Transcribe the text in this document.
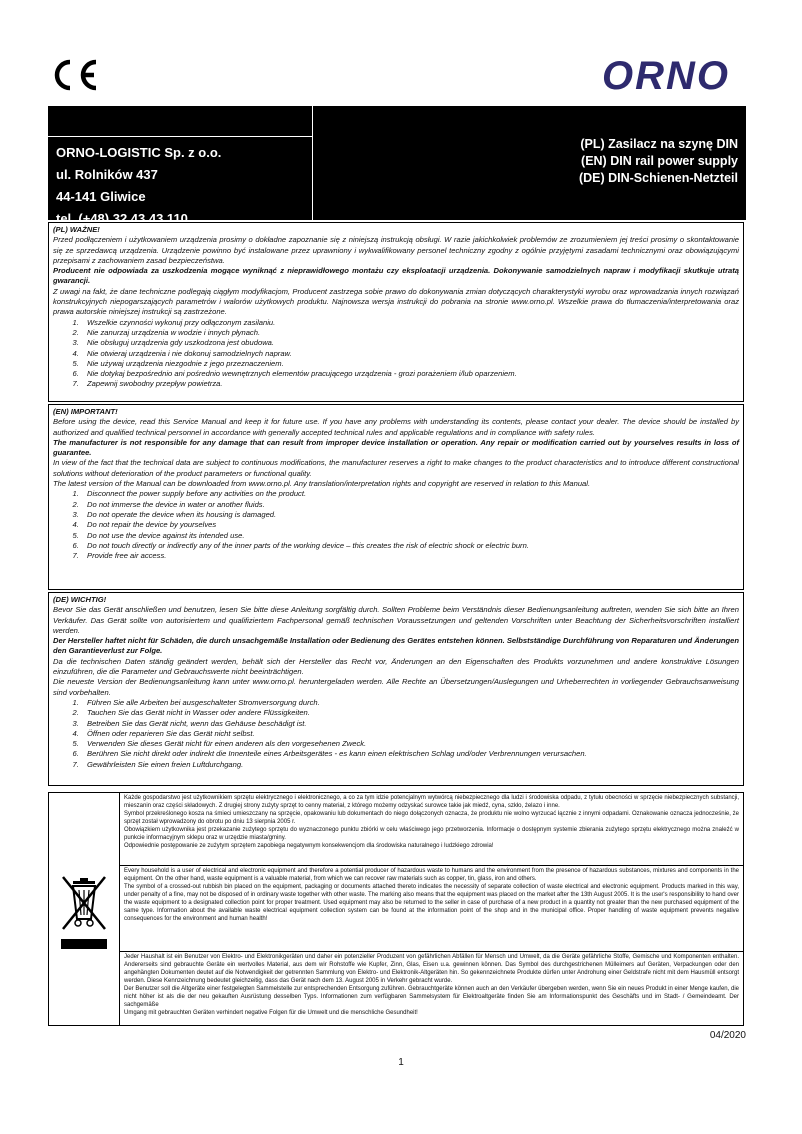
ORNO
ORNO-LOGISTIC Sp. z o.o.
ul. Rolników 437
44-141 Gliwice
tel. (+48) 32 43 43 110
(PL) Zasilacz na szynę DIN
(EN) DIN rail power supply
(DE) DIN-Schienen-Netzteil

(PL) WAŻNE!

Przed podłączeniem i użytkowaniem urządzenia prosimy o dokładne zapoznanie się z niniejszą instrukcją obsługi. W razie jakichkolwiek problemów ze zrozumieniem jej treści prosimy o skontaktowanie się ze sprzedawcą urządzenia. Urządzenie powinno być instalowane przez uprawniony i wykwalifikowany personel techniczny zgodny z ogólnie przyjętymi zasadami technicznymi oraz obowiązującymi przepisami z zachowaniem zasad bezpieczeństwa.

Producent nie odpowiada za uszkodzenia mogące wyniknąć z nieprawidłowego montażu czy eksploatacji urządzenia. Dokonywanie samodzielnych napraw i modyfikacji skutkuje utratą gwarancji.

Z uwagi na fakt, że dane techniczne podlegają ciągłym modyfikacjom, Producent zastrzega sobie prawo do dokonywania zmian dotyczących charakterystyki wyrobu oraz wprowadzania innych rozwiązań konstrukcyjnych niepogarszających parametrów i walorów użytkowych produktu. Najnowsza wersja instrukcji do pobrania na stronie www.orno.pl. Wszelkie prawa do tłumaczenia/interpretowania oraz prawa autorskie niniejszej instrukcji są zastrzeżone.

1. Wszelkie czynności wykonuj przy odłączonym zasilaniu.
2. Nie zanurzaj urządzenia w wodzie i innych płynach.
3. Nie obsługuj urządzenia gdy uszkodzona jest obudowa.
4. Nie otwieraj urządzenia i nie dokonuj samodzielnych napraw.
5. Nie używaj urządzenia niezgodnie z jego przeznaczeniem.
6. Nie dotykaj bezpośrednio ani pośrednio wewnętrznych elementów pracującego urządzenia - grozi porażeniem i/lub oparzeniem.
7. Zapewnij swobodny przepływ powietrza.

(EN) IMPORTANT!

Before using the device, read this Service Manual and keep it for future use. If you have any problems with understanding its contents, please contact your dealer. The device should be installed by authorized and qualified technical personnel in accordance with generally accepted technical rules and applicable regulations and in compliance with safety rules.

The manufacturer is not responsible for any damage that can result from improper device installation or operation. Any repair or modification carried out by yourselves results in loss of guarantee.

In view of the fact that the technical data are subject to continuous modifications, the manufacturer reserves a right to make changes to the product characteristics and to introduce different constructional solutions without deterioration of the product parameters or functional quality.

The latest version of the Manual can be downloaded from www.orno.pl. Any translation/interpretation rights and copyright are reserved in relation to this Manual.

1. Disconnect the power supply before any activities on the product.
2. Do not immerse the device in water or another fluids.
3. Do not operate the device when its housing is damaged.
4. Do not repair the device by yourselves
5. Do not use the device against its intended use.
6. Do not touch directly or indirectly any of the inner parts of the working device – this creates the risk of electric shock or electric burn.
7. Provide free air access.

(DE) WICHTIG!

Bevor Sie das Gerät anschließen und benutzen, lesen Sie bitte diese Anleitung sorgfältig durch. Sollten Probleme beim Verständnis dieser Bedienungsanleitung auftreten, wenden Sie sich bitte an Ihren Verkäufer. Das Gerät sollte von autorisiertem und qualifiziertem Fachpersonal gemäß technischen Voraussetzungen und geltenden Vorschriften unter Beachtung der Sicherheitsvorschriften installiert werden.

Der Hersteller haftet nicht für Schäden, die durch unsachgemäße Installation oder Bedienung des Gerätes entstehen können. Selbstständige Durchführung von Reparaturen und Änderungen den Garantieverlust zur Folge.

Da die technischen Daten ständig geändert werden, behält sich der Hersteller das Recht vor, Änderungen an den Eigenschaften des Produkts vorzunehmen und andere konstruktive Lösungen einzuführen, die die Parameter und Gebrauchswerte nicht beeinträchtigen.

Die neueste Version der Bedienungsanleitung kann unter www.orno.pl. heruntergeladen werden. Alle Rechte an Übersetzungen/Auslegungen und Urheberrechten in vorliegender Gebrauchsanweisung sind vorbehalten.

1. Führen Sie alle Arbeiten bei ausgeschalteter Stromversorgung durch.
2. Tauchen Sie das Gerät nicht in Wasser oder andere Flüssigkeiten.
3. Betreiben Sie das Gerät nicht, wenn das Gehäuse beschädigt ist.
4. Öffnen oder reparieren Sie das Gerät nicht selbst.
5. Verwenden Sie dieses Gerät nicht für einen anderen als den vorgesehenen Zweck.
6. Berühren Sie nicht direkt oder indirekt die Innenteile eines Arbeitsgerätes - es kann einen elektrischen Schlag und/oder Verbrennungen verursachen.
7. Gewährleisten Sie einen freien Luftdurchgang.

Każde gospodarstwo jest użytkownikiem sprzętu elektrycznego i elektronicznego, a co za tym idzie potencjalnym wytwórcą niebezpiecznego dla ludzi i środowiska odpadu, z tytułu obecności w sprzęcie niebezpiecznych substancji, mieszanin oraz części składowych. Z drugiej strony zużyty sprzęt to cenny materiał, z którego możemy odzyskać surowce takie jak miedź, cyna, szkło, żelazo i inne.

Symbol przekreślonego kosza na śmieci umieszczany na sprzęcie, opakowaniu lub dokumentach do niego dołączonych oznacza, że produktu nie wolno wyrzucać łącznie z innymi odpadami. Oznakowanie oznacza jednocześnie, że sprzęt został wprowadzony do obrotu po dniu 13 sierpnia 2005 r.

Obowiązkiem użytkownika jest przekazanie zużytego sprzętu do wyznaczonego punktu zbiórki w celu właściwego jego przetworzenia. Informacje o dostępnym systemie zbierania zużytego sprzętu elektrycznego można znaleźć w punkcie informacyjnym sklepu oraz w urzędzie miasta/gminy.

Odpowiednie postępowanie ze zużytym sprzętem zapobiega negatywnym konsekwencjom dla środowiska naturalnego i ludzkiego zdrowia!

Every household is a user of electrical and electronic equipment and therefore a potential producer of hazardous waste to humans and the environment from the presence of hazardous substances, mixtures and components in the equipment. On the other hand, waste equipment is a valuable material, from which we can recover raw materials such as copper, tin, glass, iron and others.

The symbol of a crossed-out rubbish bin placed on the equipment, packaging or documents attached thereto indicates the necessity of separate collection of waste electrical and electronic equipment. Products marked in this way, under penalty of a fine, may not be disposed of in ordinary waste together with other waste. The marking also means that the equipment was placed on the market after the 13th August 2005. It is the user's responsibility to hand over the waste equipment to a designated collection point for proper treatment. Used equipment may also be returned to the seller in case of purchase of a new product in a quantity not greater than the new purchased equipment of the same type. Information about the available waste electrical equipment collection system can be found at the information point of the shop and in the municipal office. Proper handling of waste equipment prevents negative consequences for the environment and human health!

Jeder Haushalt ist ein Benutzer von Elektro- und Elektronikgeräten und daher ein potenzieller Produzent von gefährlichen Abfällen für Mensch und Umwelt, da die Geräte gefährliche Stoffe, Gemische und Komponenten enthalten. Andererseits sind gebrauchte Geräte ein wertvolles Material, aus dem wir Rohstoffe wie Kupfer, Zinn, Glas, Eisen u.a. gewinnen können. Das Symbol des durchgestrichenen Mülleimers auf Geräten, Verpackungen oder den angehängten Dokumenten deutet auf die Notwendigkeit der getrennten Sammlung von Elektro- und Elektronik-Altgeräten hin. So gekennzeichnete Produkte dürfen unter Androhung einer Geldstrafe nicht mit dem Hausmüll entsorgt werden. Diese Kennzeichnung bedeutet gleichzeitig, dass das Gerät nach dem 13. August 2005 in Verkehr gebracht wurde.

Der Benutzer soll die Altgeräte einer festgelegten Sammelstelle zur entsprechenden Entsorgung zuführen. Gebrauchtgeräte können auch an den Verkäufer übergeben werden, wenn Sie ein neues Produkt in einer Menge kaufen, die nicht höher ist als die der neu gekauften Ausrüstung desselben Typs. Informationen zum verfügbaren Sammelsystem für Elektroaltgeräte finden Sie am Informationspunkt des Geschäfts und im Stadt- / Gemeindeamt. Der sachgemäße

Umgang mit gebrauchten Geräten verhindert negative Folgen für die Umwelt und die menschliche Gesundheit!

04/2020
1
